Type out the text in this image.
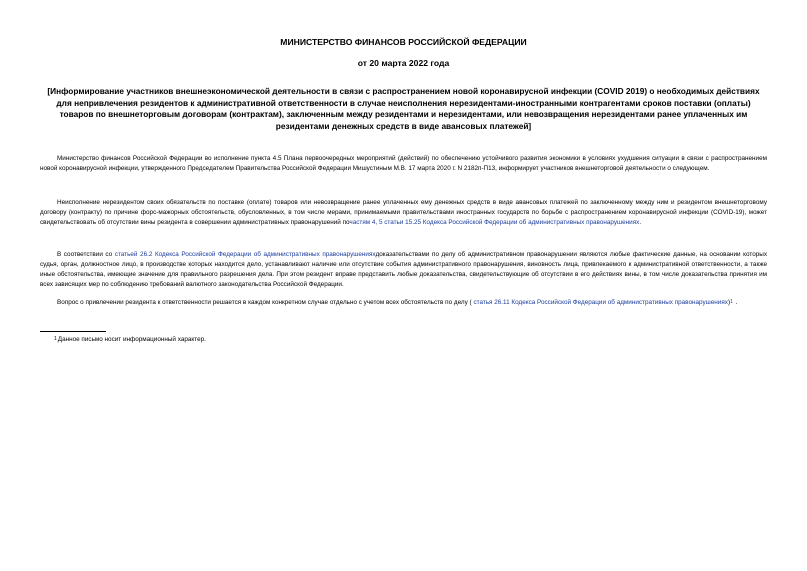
МИНИСТЕРСТВО ФИНАНСОВ РОССИЙСКОЙ ФЕДЕРАЦИИ
от 20 марта 2022 года
[Информирование участников внешнеэкономической деятельности в связи с распространением новой коронавирусной инфекции (COVID 2019) о необходимых действиях для непривлечения резидентов к административной ответственности в случае неисполнения нерезидентами-иностранными контрагентами сроков поставки (оплаты) товаров по внешнеторговым договорам (контрактам), заключенным между резидентами и нерезидентами, или невозвращения нерезидентами ранее уплаченных им резидентами денежных средств в виде авансовых платежей]
Министерство финансов Российской Федерации во исполнение пункта 4.5 Плана первоочередных мероприятий (действий) по обеспечению устойчивого развития экономики в условиях ухудшения ситуации в связи с распространением новой коронавирусной инфекции, утвержденного Председателем Правительства Российской Федерации Мишустиным М.В. 17 марта 2020 г. N 2182п-П13, информирует участников внешнеторговой деятельности о следующем.
Неисполнение нерезидентом своих обязательств по поставке (оплате) товаров или невозвращение ранее уплаченных ему денежных средств в виде авансовых платежей по заключенному между ним и резидентом внешнеторговому договору (контракту) по причине форс-мажорных обстоятельств, обусловленных, в том числе мерами, принимаемыми правительствами иностранных государств по борьбе с распространением коронавирусной инфекции (COVID-19), может свидетельствовать об отсутствии вины резидента в совершении административных правонарушений почастям 4, 5 статьи 15.25 Кодекса Российской Федерации об административных правонарушениях.
В соответствии со статьей 26.2 Кодекса Российской Федерации об административных правонарушенияхдоказательствами по делу об административном правонарушении являются любые фактические данные, на основании которых судья, орган, должностное лицо, в производстве которых находится дело, устанавливают наличие или отсутствие события административного правонарушения, виновность лица, привлекаемого к административной ответственности, а также иные обстоятельства, имеющие значение для правильного разрешения дела. При этом резидент вправе представить любые доказательства, свидетельствующие об отсутствии в его действиях вины, в том числе доказательства принятия им всех зависящих мер по соблюдению требований валютного законодательства Российской Федерации.
Вопрос о привлечении резидента к ответственности решается в каждом конкретном случае отдельно с учетом всех обстоятельств по делу ( статья 26.11 Кодекса Российской Федерации об административных правонарушениях)1 .
1Данное письмо носит информационный характер.
